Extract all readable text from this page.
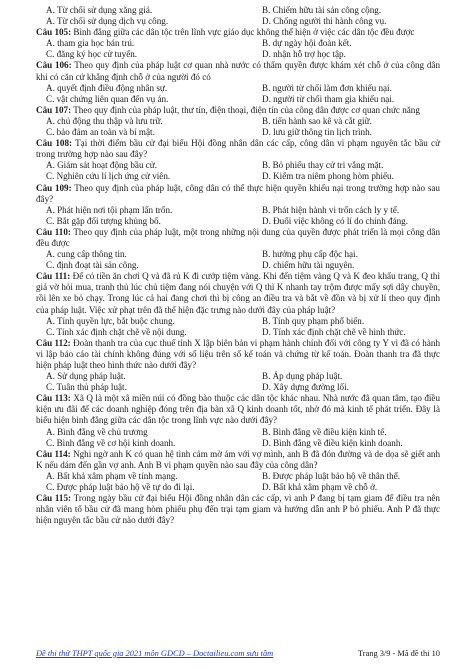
A. Từ chối sử dụng xăng giả.	B. Chiếm hữu tài sản công cộng.
A. Từ chối sử dụng dịch vụ công.	D. Chống người thi hành công vụ.
Câu 105: Bình đẳng giữa các dân tộc trên lĩnh vực giáo dục không thể hiện ở việc các dân tộc đều được
A. tham gia học bán trú.	B. dự ngày hội đoàn kết.
C. đăng ký học cử tuyển.	D. nhận hỗ trợ học tập.
Câu 106: Theo quy định của pháp luật cơ quan nhà nước có thẩm quyền được khám xét chỗ ở của công dân khi có căn cứ khẳng định chỗ ở của người đó có
A. quyết định điều động nhân sự.	B. người từ chối làm đơn khiếu nại.
C. vật chứng liên quan đến vụ án.	D. người từ chối tham gia khiếu nại.
Câu 107: Theo quy định của pháp luật, thư tín, điện thoại, điện tín của công dân được cơ quan chức năng
A. chủ động thu thập và lưu trữ.	B. tiến hành sao kê và cắt giữ.
C. bảo đảm an toàn và bí mật.	D. lưu giữ thông tin lịch trình.
Câu 108: Tại thời điểm bầu cử đại biểu Hội đồng nhân dân các cấp, công dân vi phạm nguyên tắc bầu cử trong trường hợp nào sau đây?
A. Giám sát hoạt động bầu cử.	B. Bỏ phiếu thay cử tri vắng mặt.
C. Nghiên cứu lí lịch ứng cử viên.	D. Kiểm tra niêm phong hòm phiếu.
Câu 109: Theo quy định của pháp luật, công dân có thể thực hiện quyền khiếu nại trong trường hợp nào sau đây?
A. Phát hiện nơi tội phạm lẩn trốn.	B. Phát hiện hành vi trốn cách ly y tế.
C. Bắt gặp đối tượng khủng bố.	D. Đuổi việc không có lí do chính đáng.
Câu 110: Theo quy định của pháp luật, một trong những nội dung của quyền được phát triển là mọi công dân đều được
A. cung cấp thông tin.	B. hưởng phụ cấp độc hại.
C. định đoạt tài sản công.	D. chiếm hữu tài nguyên.
Câu 111: Để có tiền ăn chơi Q và đã rủ K đi cướp tiệm vàng. Khi đến tiệm vàng Q và K đeo khẩu trang, Q thì giả vờ hỏi mua, tranh thủ lúc chủ tiệm đang nói chuyện với Q thì K nhanh tay trộm được mấy sợi dây chuyền, rồi lên xe bỏ chạy. Trong lúc cả hai đang chơi thì bị công an điều tra và bắt về đồn và bị xử lí theo quy định của pháp luật. Việc xử phạt trên đã thể hiện đặc trưng nào dưới đây của pháp luật?
A. Tính quyền lực, bắt buộc chung.	B. Tính quy phạm phổ biến.
C. Tính xác định chặt chẽ về nội dung.	D. Tính xác định chặt chẽ về hình thức.
Câu 112: Đoàn thanh tra của cục thuế tỉnh X lập biên bản vi phạm hành chính đối với công ty Y vì đã có hành vi lập báo cáo tài chính không đúng với số liệu trên sổ kế toán và chứng từ kế toán. Đoàn thanh tra đã thực hiện pháp luật theo hình thức nào dưới đây?
A. Sử dụng pháp luật.	B. Áp dụng pháp luật.
C. Tuân thủ pháp luật.	D. Xây dựng đường lối.
Câu 113: Xã Q là một xã miền núi có đồng bào thuộc các dân tộc khác nhau. Nhà nước đã quan tâm, tạo điều kiện ưu đãi để các doanh nghiệp đóng trên địa bàn xã Q kinh doanh tốt, nhờ đó mà kinh tế phát triển. Đây là biểu hiện bình đẳng giữa các dân tộc trong lĩnh vực nào dưới đây?
A. Bình đẳng về chủ trương	B. Bình đẳng về điều kiện kinh tế.
C. Bình đẳng về cơ hội kinh doanh.	D. Bình đẳng về điều kiện kinh doanh.
Câu 114: Nghi ngờ anh K có quan hệ tình cảm mờ ám với vợ mình, anh B đã đón đường và de dọa sẽ giết anh K nếu dám đến gần vợ anh. Anh B vi phạm quyền nào sau đây của công dân?
A. Bất khả xâm phạm về tính mạng.	B. Được pháp luật bảo hộ về thân thể.
C. Được pháp luật bảo hộ về tự do đi lại.	D. Bất khả xâm phạm về chỗ ở.
Câu 115: Trong ngày bầu cử đại biểu Hội đồng nhân dân các cấp, vì anh P đang bị tạm giam để điều tra nên nhân viên tổ bầu cử đã mang hòm phiếu phụ đến trại tạm giam và hướng dẫn anh P bỏ phiếu. Anh P đã thực hiện nguyên tắc bầu cử nào dưới đây?
Đề thi thử THPT quốc gia 2021 môn GDCD – Doctailieu.com sưu tầm	Trang 3/9 - Mã đề thi 10
